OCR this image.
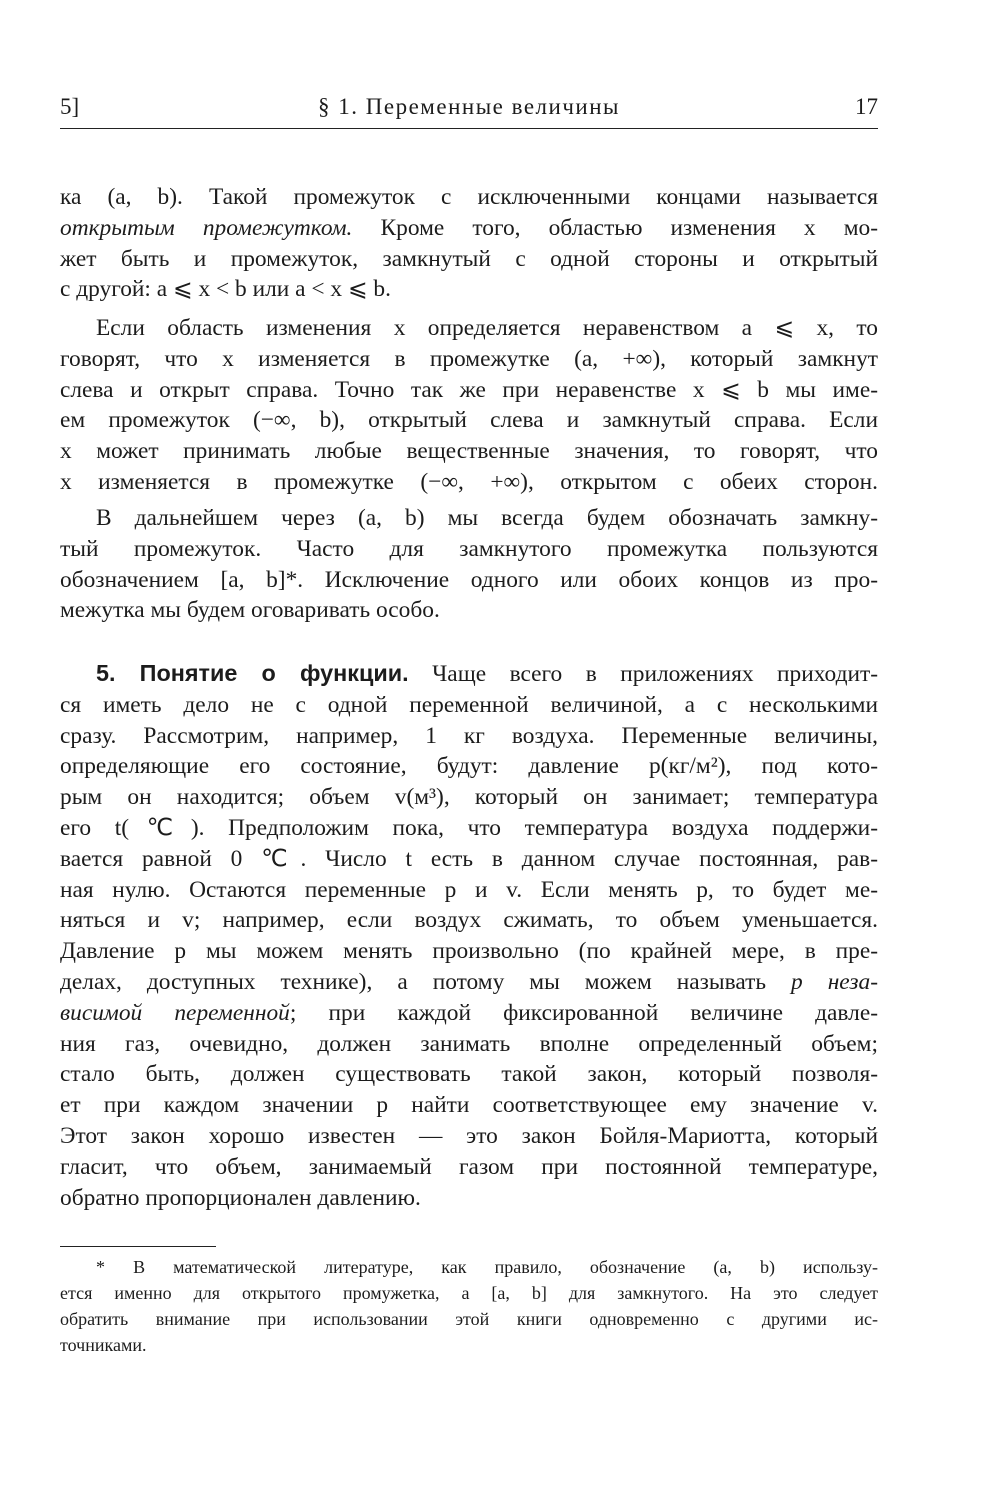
5]	§ 1. Переменные величины	17
ка (a, b). Такой промежуток с исключенными концами называется
открытым промежутком. Кроме того, областью изменения x мо-
жет быть и промежуток, замкнутый с одной стороны и открытый
с другой: a ⩽ x < b или a < x ⩽ b.
Если область изменения x определяется неравенством a ⩽ x, то
говорят, что x изменяется в промежутке (a, +∞), который замкнут
слева и открыт справа. Точно так же при неравенстве x ⩽ b мы име-
ем промежуток (−∞, b), открытый слева и замкнутый справа. Если
x может принимать любые вещественные значения, то говорят, что
x изменяется в промежутке (−∞, +∞), открытом с обеих сторон.
В дальнейшем через (a, b) мы всегда будем обозначать замкну-
тый промежуток. Часто для замкнутого промежутка пользуются
обозначением [a, b]*. Исключение одного или обоих концов из про-
межутка мы будем оговаривать особо.
5. Понятие о функции. Чаще всего в приложениях приходит-
ся иметь дело не с одной переменной величиной, а с несколькими
сразу. Рассмотрим, например, 1 кг воздуха. Переменные величины,
определяющие его состояние, будут: давление p(кг/м²), под кото-
рым он находится; объем v(м³), который он занимает; температура
его t(℃). Предположим пока, что температура воздуха поддержи-
вается равной 0 ℃. Число t есть в данном случае постоянная, рав-
ная нулю. Остаются переменные p и v. Если менять p, то будет ме-
няться и v; например, если воздух сжимать, то объем уменьшается.
Давление p мы можем менять произвольно (по крайней мере, в пре-
делах, доступных технике), а потому мы можем называть p неза-
висимой переменной; при каждой фиксированной величине давле-
ния газ, очевидно, должен занимать вполне определенный объем;
стало быть, должен существовать такой закон, который позволя-
ет при каждом значении p найти соответствующее ему значение v.
Этот закон хорошо известен — это закон Бойля-Мариотта, который
гласит, что объем, занимаемый газом при постоянной температуре,
обратно пропорционален давлению.
* В математической литературе, как правило, обозначение (a, b) использу-
ется именно для открытого промужетка, а [a, b] для замкнутого. На это следует
обратить внимание при использовании этой книги одновременно с другими ис-
точниками.
